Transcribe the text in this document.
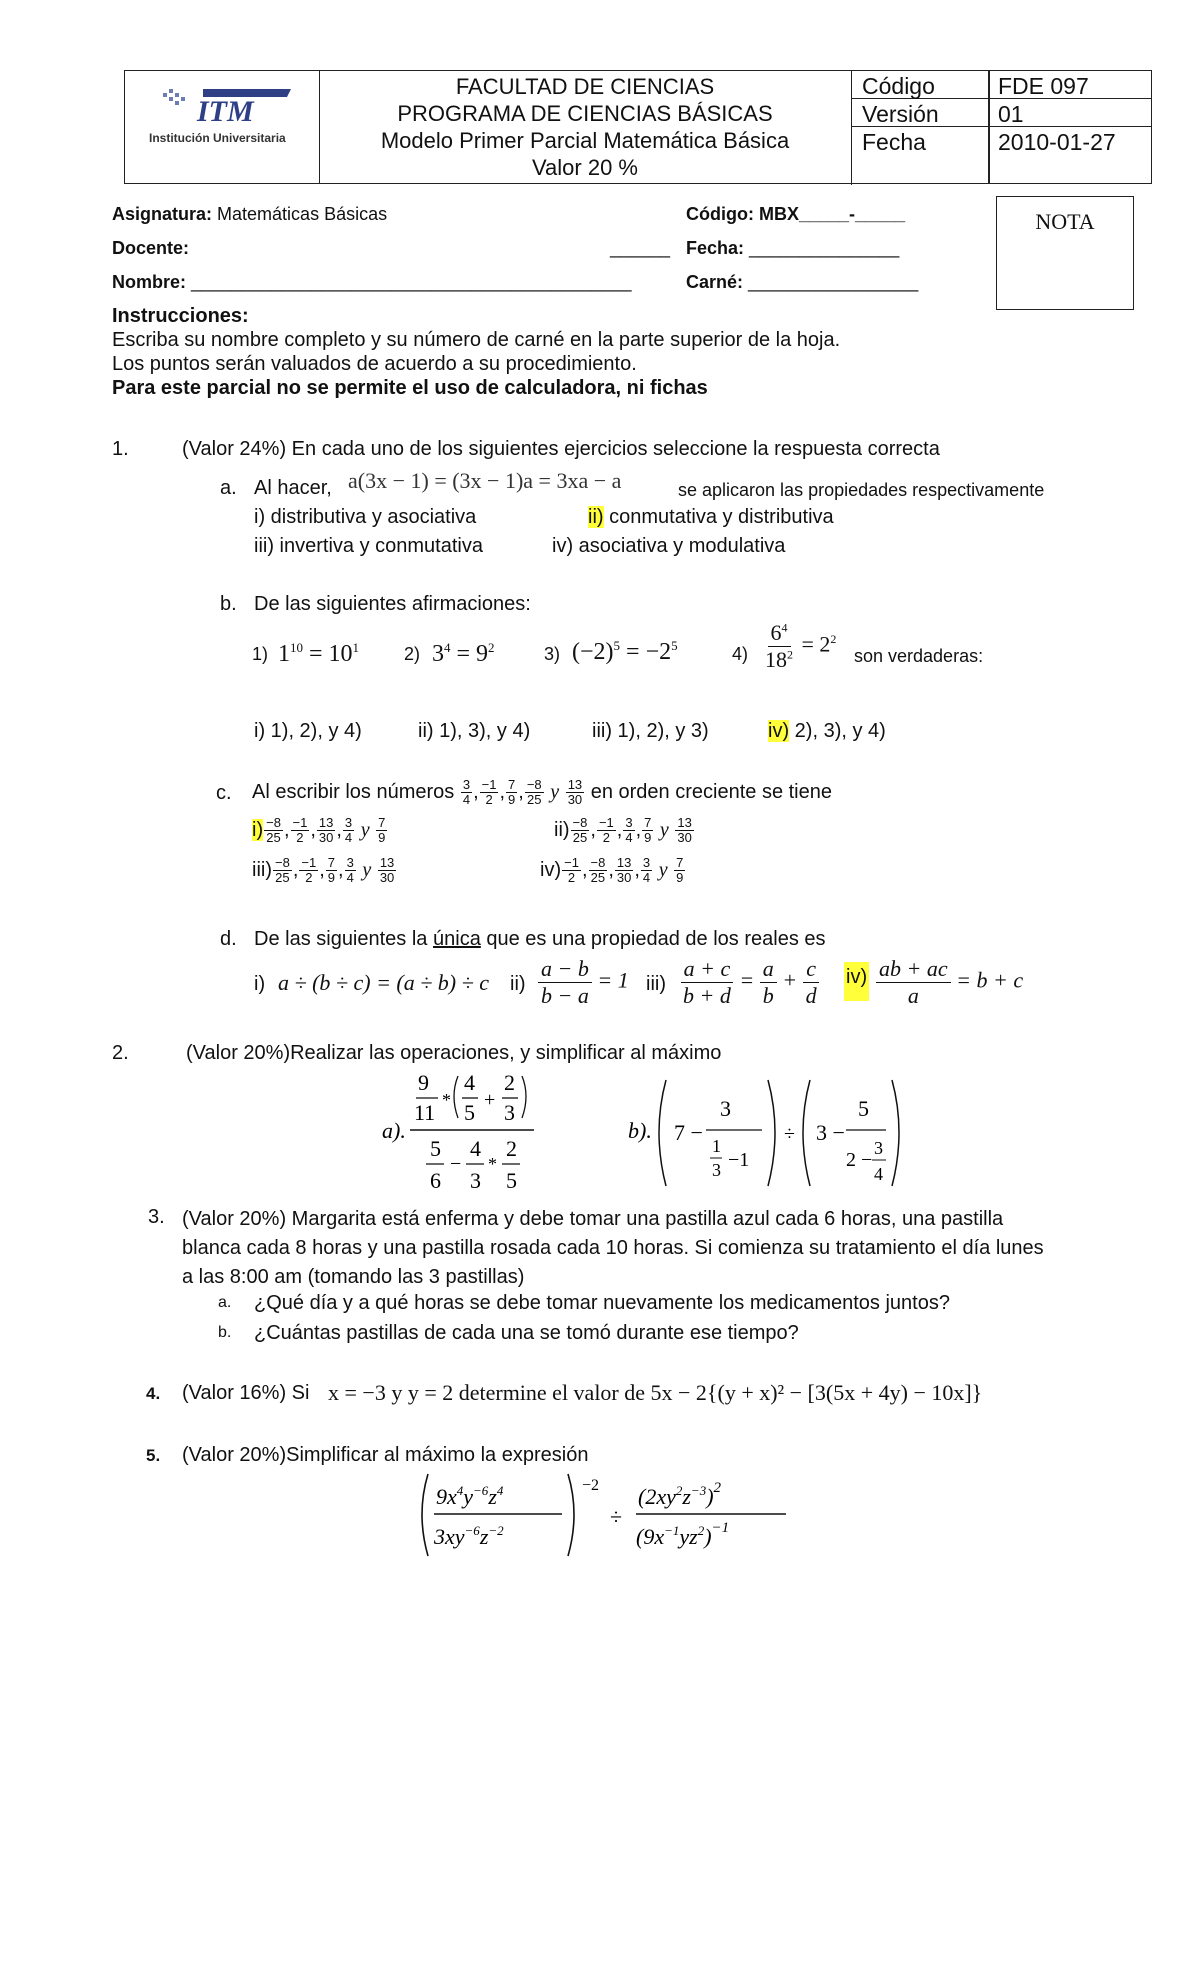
ITM
Institución Universitaria
FACULTAD DE CIENCIAS
PROGRAMA DE CIENCIAS BÁSICAS
Modelo Primer Parcial Matemática Básica
Valor 20 %
Código	FDE 097
Versión	01
Fecha	2010-01-27
NOTA
Asignatura: Matemáticas Básicas	Código: MBX_____-_____
Docente:	______ Fecha: _______________
Nombre: ____________________________________________	Carné: _________________
Instrucciones:
Escriba su nombre completo y su número de carné en la parte superior de la hoja.
Los puntos serán valuados de acuerdo a su procedimiento.
Para este parcial no se permite el uso de calculadora, ni fichas
1.	(Valor 24%) En cada uno de los siguientes ejercicios seleccione la respuesta correcta
a. Al hacer, a(3x − 1) = (3x − 1)a = 3xa − a	se aplicaron las propiedades respectivamente
i) distributiva y asociativa	ii) conmutativa y distributiva
iii) invertiva y conmutativa	iv) asociativa y modulativa
b. De las siguientes afirmaciones:
1) $1^{10} = 10^1$ 2) $3^4 = 9^2$	3) $(-2)^5 = -2^5$	$4) \frac{6^4}{18^2} = 2^2$
son verdaderas:
i) 1), 2), y 4)	ii) 1), 3), y 4)	iii) 1), 2), y 3)	iv) 2), 3), y 4)
c. Al escribir los números $\frac{3}{4}$ , $\frac{-1}{2}$ , $\frac{7}{9}$ , $\frac{-8}{25}$ y $\frac{13}{30}$ en orden creciente se tiene
$i) \frac{-8}{25}$ , $\frac{-1}{2}$ , $\frac{13}{30}$ , $\frac{3}{4}$ y $\frac{7}{9}$	$ii) \frac{-8}{25}$ , $\frac{-1}{2}$ , $\frac{3}{4}$ , $\frac{7}{9}$ y $\frac{13}{30}$
$iii) \frac{-8}{25}$ , $\frac{-1}{2}$ , $\frac{7}{9}$ , $\frac{3}{4}$ y $\frac{13}{30}$	$iv) \frac{-1}{2}$ , $\frac{-8}{25}$ , $\frac{13}{30}$ , $\frac{3}{4}$ y $\frac{7}{9}$
d. De las siguientes la única que es una propiedad de los reales es
i) a ÷ (b ÷ c) = (a ÷ b) ÷ c $ii) \frac{a - b}{b - a} = 1$ $iii) \frac{a + c}{b + d} = \frac{a}{b} + \frac{c}{d} iv) \frac{ab + ac}{a} = b + c$
2.	(Valor 20%)Realizar las operaciones, y simplificar al máximo
a).
9
11 *
4
5 +
2
3
5
6
−
4
3
*
2
5
b). 7 −
3
1
3 −1
÷ 3 −
5
2 −
3
4
3. (Valor 20%) Margarita está enferma y debe tomar una pastilla azul cada 6 horas, una pastilla
blanca cada 8 horas y una pastilla rosada cada 10 horas. Si comienza su tratamiento el día lunes
a las 8:00 am (tomando las 3 pastillas)
a. ¿Qué día y a qué horas se debe tomar nuevamente los medicamentos juntos?
b. ¿Cuántas pastillas de cada una se tomó durante ese tiempo?
4. (Valor 16%) Si x = −3 y y = 2 determine el valor de 5x − 2{(y + x)² − [3(5x + 4y) − 10x]}
5. (Valor 20%)Simplificar al máximo la expresión
$9x^4y^{-6}z^4$
$3xy^{-6}z^{-2}$
−2
÷
$(2xy^2z^{-3})^2$
$(9x^{-1}yz^2)^{-1}$
